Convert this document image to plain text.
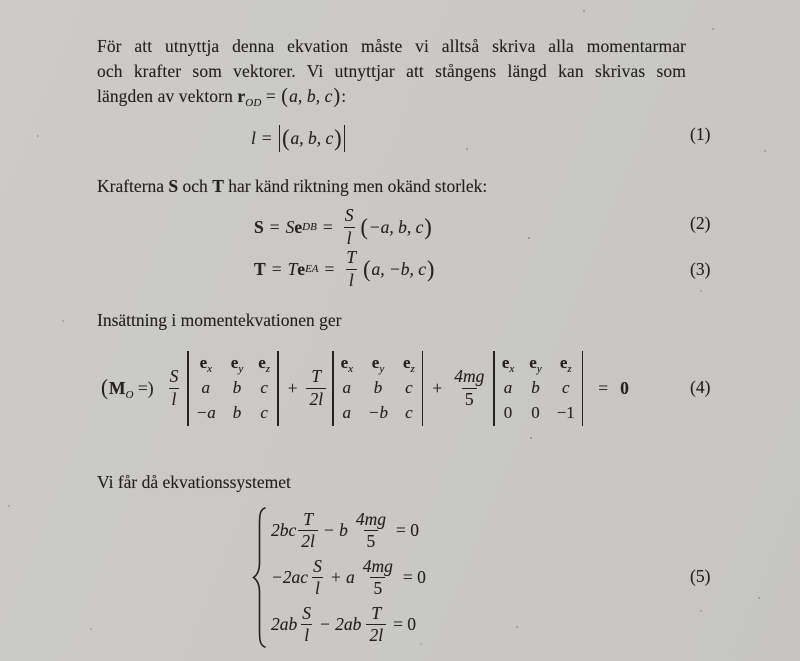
För att utnyttja denna ekvation måste vi alltså skriva alla momentarmar
och krafter som vektorer. Vi utnyttjar att stångens längd kan skrivas som
längden av vektorn $r_{OD} = (a$, b, c):
l = ( a, b, c )	(1)
Krafterna S och T har känd riktning men okänd storlek:
S = S e DB = $\frac{S}{l}$ ( −a, b, c )	(2)
T = T e EA = $\frac{T}{l}$ ( a, −b, c )	(3)
Insättning i momentekvationen ger
($M_O$ =) $\frac{S}{l}$
$e_x$ $e_y$ $e_z$
a b c
−a b c
+ $\frac{T}{2l}$
$e_x$ $e_y$ $e_z$
a b c
a −b c
+ $\frac{4mg}{5}$
$e_x$ $e_y$ $e_z$
a b c
0 0 −1
= 0	(4)
Vi får då ekvationssystemet
$2bc \frac{T}{2l} - b \frac{4mg}{5} = 0$
$-2ac \frac{S}{l} + a \frac{4mg}{5} = 0$
$2ab \frac{S}{l} - 2ab \frac{T}{2l} = 0$
(5)
